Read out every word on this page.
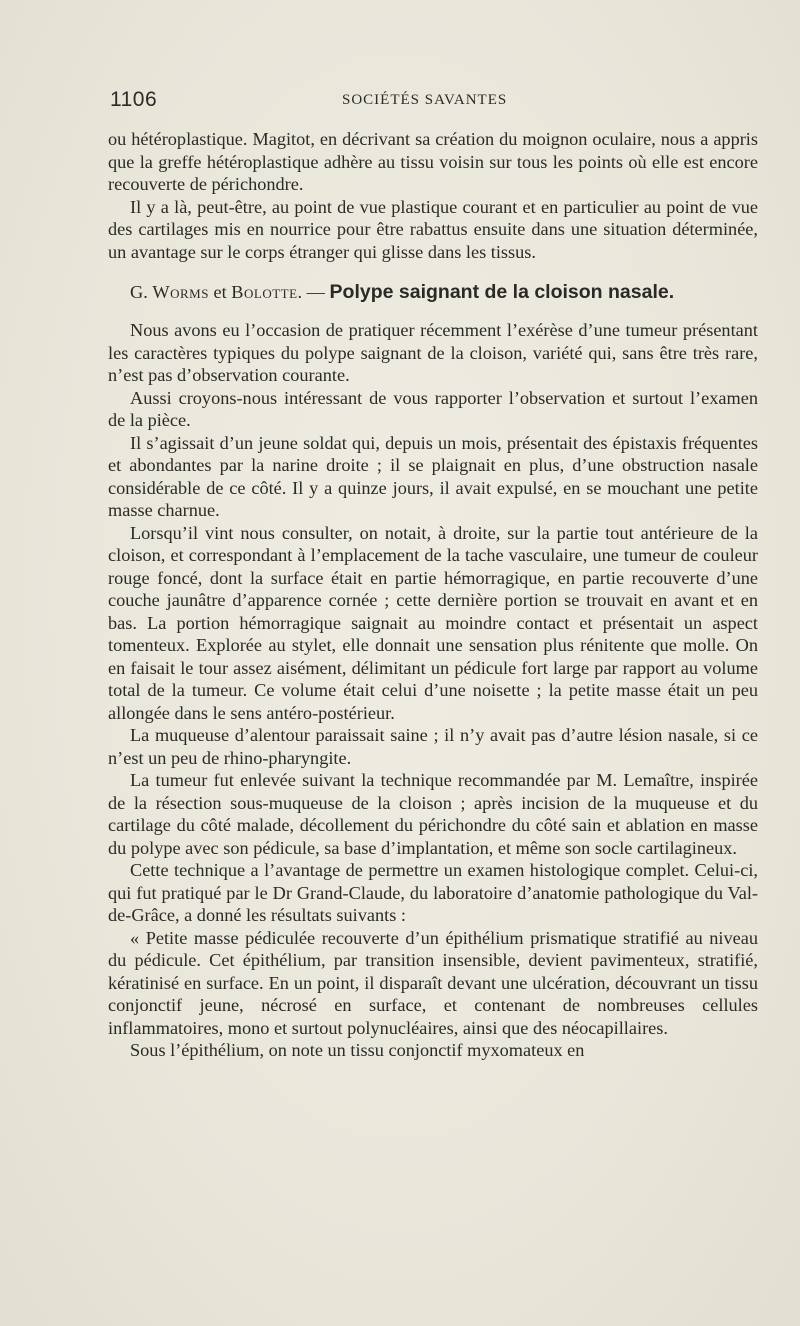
1106	SOCIÉTÉS SAVANTES

ou hétéroplastique. Magitot, en décrivant sa création du moignon oculaire, nous a appris que la greffe hétéroplastique adhère au tissu voisin sur tous les points où elle est encore recouverte de périchondre.

Il y a là, peut-être, au point de vue plastique courant et en particulier au point de vue des cartilages mis en nourrice pour être rabattus ensuite dans une situation déterminée, un avantage sur le corps étranger qui glisse dans les tissus.

G. Worms et Bolotte. — Polype saignant de la cloison nasale.

Nous avons eu l’occasion de pratiquer récemment l’exérèse d’une tumeur présentant les caractères typiques du polype saignant de la cloison, variété qui, sans être très rare, n’est pas d’observation courante.

Aussi croyons-nous intéressant de vous rapporter l’observation et surtout l’examen de la pièce.

Il s’agissait d’un jeune soldat qui, depuis un mois, présentait des épistaxis fréquentes et abondantes par la narine droite ; il se plaignait en plus, d’une obstruction nasale considérable de ce côté. Il y a quinze jours, il avait expulsé, en se mouchant une petite masse charnue.

Lorsqu’il vint nous consulter, on notait, à droite, sur la partie tout antérieure de la cloison, et correspondant à l’emplacement de la tache vasculaire, une tumeur de couleur rouge foncé, dont la surface était en partie hémorragique, en partie recouverte d’une couche jaunâtre d’apparence cornée ; cette dernière portion se trouvait en avant et en bas. La portion hémorragique saignait au moindre contact et présentait un aspect tomenteux. Explorée au stylet, elle donnait une sensation plus rénitente que molle. On en faisait le tour assez aisément, délimitant un pédicule fort large par rapport au volume total de la tumeur. Ce volume était celui d’une noisette ; la petite masse était un peu allongée dans le sens antéro-postérieur.

La muqueuse d’alentour paraissait saine ; il n’y avait pas d’autre lésion nasale, si ce n’est un peu de rhino-pharyngite.

La tumeur fut enlevée suivant la technique recommandée par M. Lemaître, inspirée de la résection sous-muqueuse de la cloison ; après incision de la muqueuse et du cartilage du côté malade, décollement du périchondre du côté sain et ablation en masse du polype avec son pédicule, sa base d’implantation, et même son socle cartilagineux.

Cette technique a l’avantage de permettre un examen histologique complet. Celui-ci, qui fut pratiqué par le Dr Grand-Claude, du laboratoire d’anatomie pathologique du Val-de-Grâce, a donné les résultats suivants :

« Petite masse pédiculée recouverte d’un épithélium prismatique stratifié au niveau du pédicule. Cet épithélium, par transition insensible, devient pavimenteux, stratifié, kératinisé en surface. En un point, il disparaît devant une ulcération, découvrant un tissu conjonctif jeune, nécrosé en surface, et contenant de nombreuses cellules inflammatoires, mono et surtout polynucléaires, ainsi que des néocapillaires.

Sous l’épithélium, on note un tissu conjonctif myxomateux en
